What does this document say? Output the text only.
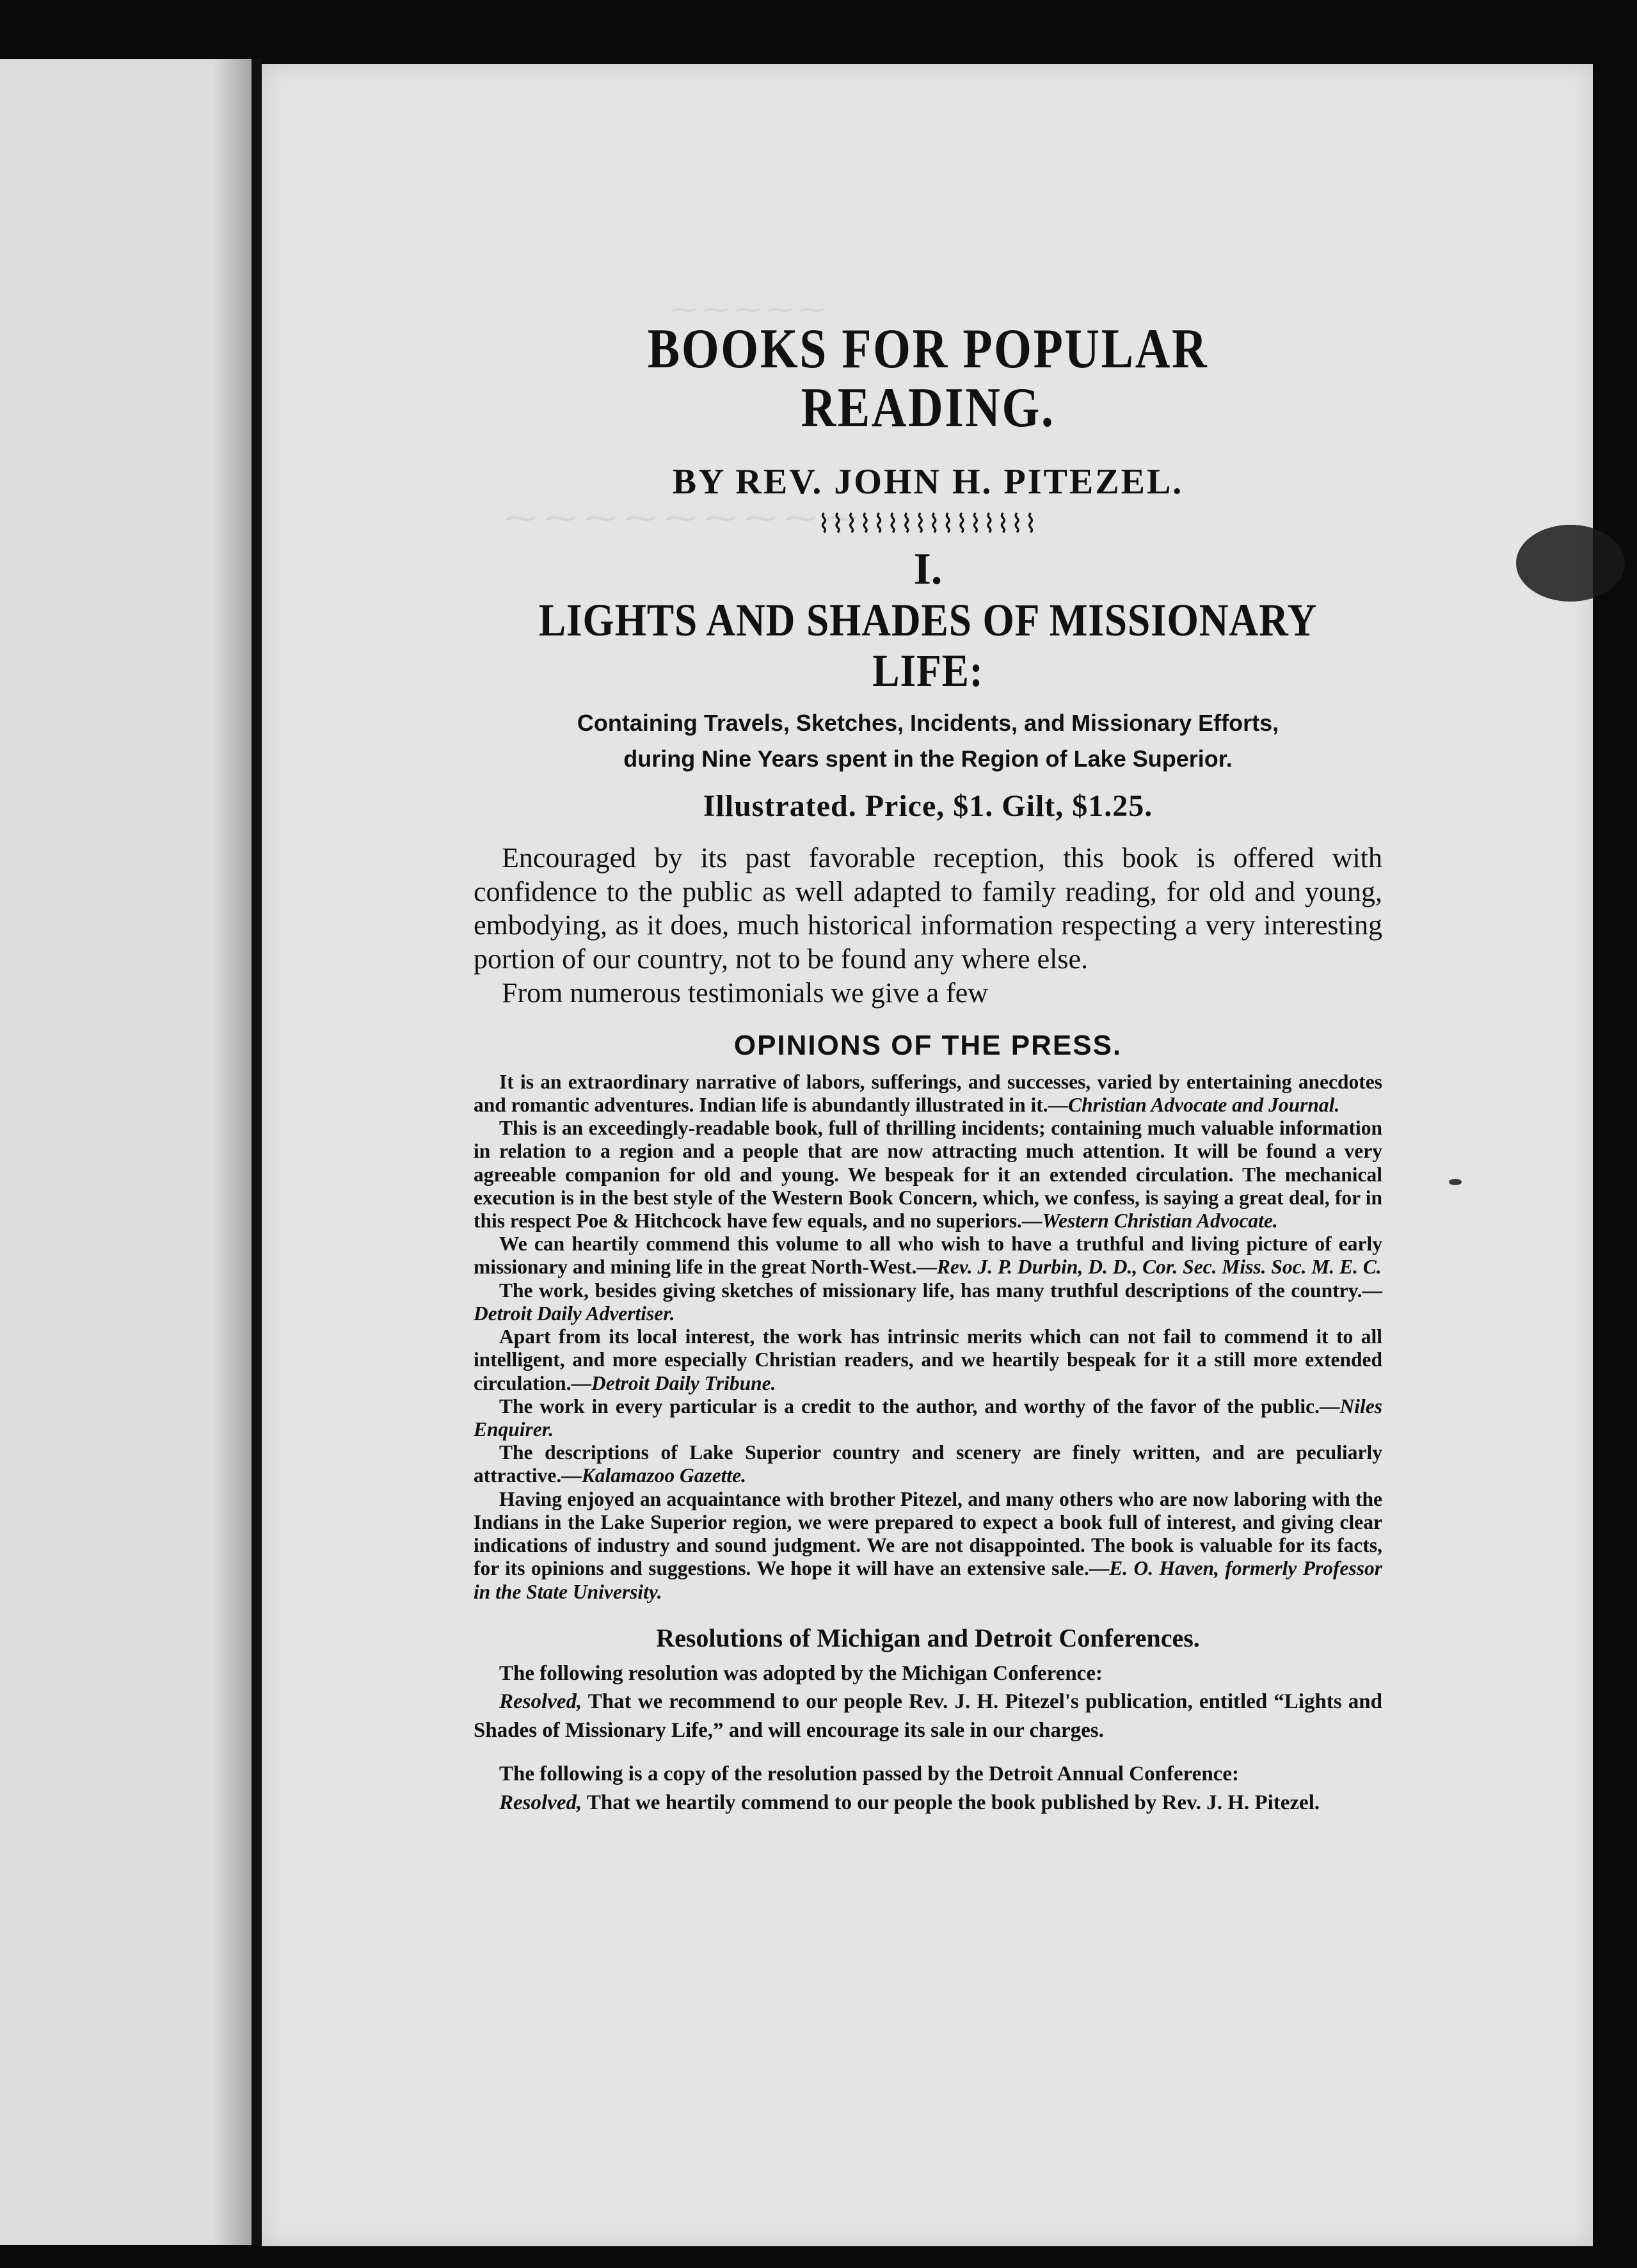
⁓ ⁓ ⁓ ⁓ ⁓
⁓ ⁓ ⁓ ⁓ ⁓ ⁓ ⁓ ⁓ ⁓
BOOKS FOR POPULAR READING.
BY REV. JOHN H. PITEZEL.
⌇⌇⌇⌇⌇⌇⌇⌇⌇⌇⌇⌇⌇⌇⌇⌇
I.
LIGHTS AND SHADES OF MISSIONARY LIFE:
Containing Travels, Sketches, Incidents, and Missionary Efforts,
during Nine Years spent in the Region of Lake Superior.
Illustrated. Price, $1. Gilt, $1.25.

Encouraged by its past favorable reception, this book is offered with confidence to the public as well adapted to family reading, for old and young, embodying, as it does, much historical information respecting a very interesting portion of our country, not to be found any where else.

From numerous testimonials we give a few
OPINIONS OF THE PRESS.

It is an extraordinary narrative of labors, sufferings, and successes, varied by entertaining anecdotes and romantic adventures. Indian life is abundantly illustrated in it.—Christian Advocate and Journal.

This is an exceedingly-readable book, full of thrilling incidents; containing much valuable information in relation to a region and a people that are now attracting much attention. It will be found a very agreeable companion for old and young. We bespeak for it an extended circulation. The mechanical execution is in the best style of the Western Book Concern, which, we confess, is saying a great deal, for in this respect Poe & Hitchcock have few equals, and no superiors.—Western Christian Advocate.

We can heartily commend this volume to all who wish to have a truthful and living picture of early missionary and mining life in the great North-West.—Rev. J. P. Durbin, D. D., Cor. Sec. Miss. Soc. M. E. C.

The work, besides giving sketches of missionary life, has many truthful descriptions of the country.—Detroit Daily Advertiser.

Apart from its local interest, the work has intrinsic merits which can not fail to commend it to all intelligent, and more especially Christian readers, and we heartily bespeak for it a still more extended circulation.—Detroit Daily Tribune.

The work in every particular is a credit to the author, and worthy of the favor of the public.—Niles Enquirer.

The descriptions of Lake Superior country and scenery are finely written, and are peculiarly attractive.—Kalamazoo Gazette.

Having enjoyed an acquaintance with brother Pitezel, and many others who are now laboring with the Indians in the Lake Superior region, we were prepared to expect a book full of interest, and giving clear indications of industry and sound judgment. We are not disappointed. The book is valuable for its facts, for its opinions and suggestions. We hope it will have an extensive sale.—E. O. Haven, formerly Professor in the State University.

Resolutions of Michigan and Detroit Conferences.

The following resolution was adopted by the Michigan Conference:

Resolved, That we recommend to our people Rev. J. H. Pitezel's publication, entitled “Lights and Shades of Missionary Life,” and will encourage its sale in our charges.

The following is a copy of the resolution passed by the Detroit Annual Conference:

Resolved, That we heartily commend to our people the book published by Rev. J. H. Pitezel.
